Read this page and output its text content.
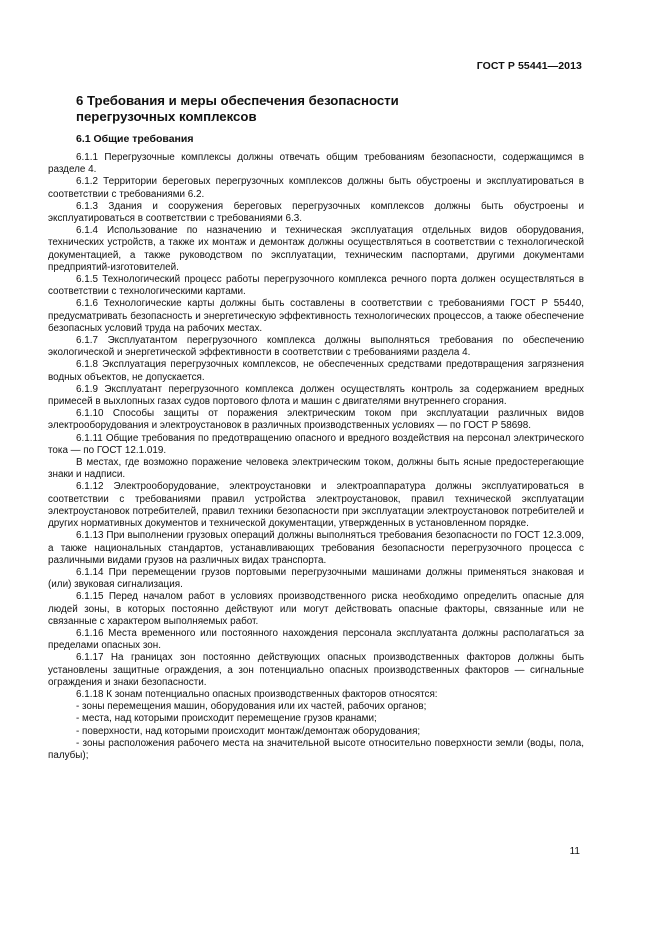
ГОСТ Р 55441—2013
6 Требования и меры обеспечения безопасности
перегрузочных комплексов
6.1 Общие требования

6.1.1 Перегрузочные комплексы должны отвечать общим требованиям безопасности, содержащимся в разделе 4.

6.1.2 Территории береговых перегрузочных комплексов должны быть обустроены и эксплуатироваться в соответствии с требованиями 6.2.

6.1.3 Здания и сооружения береговых перегрузочных комплексов должны быть обустроены и эксплуатироваться в соответствии с требованиями 6.3.

6.1.4 Использование по назначению и техническая эксплуатация отдельных видов оборудования, технических устройств, а также их монтаж и демонтаж должны осуществляться в соответствии с технологической документацией, а также руководством по эксплуатации, техническим паспортами, другими документами предприятий-изготовителей.

6.1.5 Технологический процесс работы перегрузочного комплекса речного порта должен осуществляться в соответствии с технологическими картами.

6.1.6 Технологические карты должны быть составлены в соответствии с требованиями ГОСТ Р 55440, предусматривать безопасность и энергетическую эффективность технологических процессов, а также обеспечение безопасных условий труда на рабочих местах.

6.1.7 Эксплуатантом перегрузочного комплекса должны выполняться требования по обеспечению экологической и энергетической эффективности в соответствии с требованиями раздела 4.

6.1.8 Эксплуатация перегрузочных комплексов, не обеспеченных средствами предотвращения загрязнения водных объектов, не допускается.

6.1.9 Эксплуатант перегрузочного комплекса должен осуществлять контроль за содержанием вредных примесей в выхлопных газах судов портового флота и машин с двигателями внутреннего сгорания.

6.1.10 Способы защиты от поражения электрическим током при эксплуатации различных видов электрооборудования и электроустановок в различных производственных условиях — по ГОСТ Р 58698.

6.1.11 Общие требования по предотвращению опасного и вредного воздействия на персонал электрического тока — по ГОСТ 12.1.019.

В местах, где возможно поражение человека электрическим током, должны быть ясные предостерегающие знаки и надписи.

6.1.12 Электрооборудование, электроустановки и электроаппаратура должны эксплуатироваться в соответствии с требованиями правил устройства электроустановок, правил технической эксплуатации электроустановок потребителей, правил техники безопасности при эксплуатации электроустановок потребителей и других нормативных документов и технической документации, утвержденных в установленном порядке.

6.1.13 При выполнении грузовых операций должны выполняться требования безопасности по ГОСТ 12.3.009, а также национальных стандартов, устанавливающих требования безопасности перегрузочного процесса с различными видами грузов на различных видах транспорта.

6.1.14 При перемещении грузов портовыми перегрузочными машинами должны применяться знаковая и (или) звуковая сигнализация.

6.1.15 Перед началом работ в условиях производственного риска необходимо определить опасные для людей зоны, в которых постоянно действуют или могут действовать опасные факторы, связанные или не связанные с характером выполняемых работ.

6.1.16 Места временного или постоянного нахождения персонала эксплуатанта должны располагаться за пределами опасных зон.

6.1.17 На границах зон постоянно действующих опасных производственных факторов должны быть установлены защитные ограждения, а зон потенциально опасных производственных факторов — сигнальные ограждения и знаки безопасности.

6.1.18 К зонам потенциально опасных производственных факторов относятся:

- зоны перемещения машин, оборудования или их частей, рабочих органов;

- места, над которыми происходит перемещение грузов кранами;

- поверхности, над которыми происходит монтаж/демонтаж оборудования;

- зоны расположения рабочего места на значительной высоте относительно поверхности земли (воды, пола, палубы);

11
